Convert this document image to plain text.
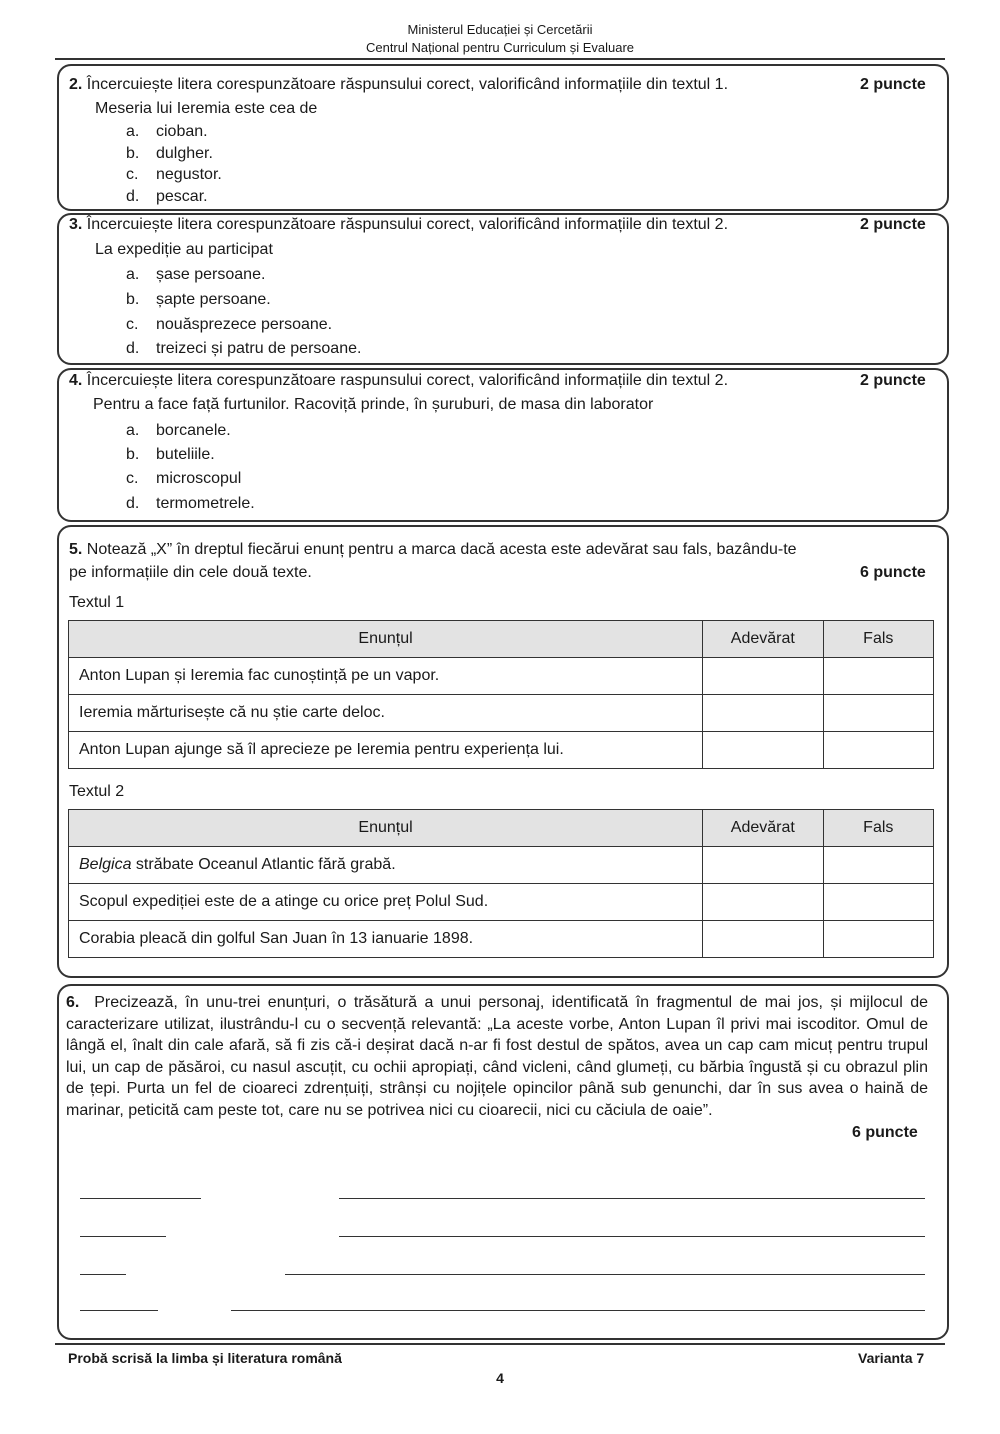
Ministerul Educației și Cercetării
Centrul Național pentru Curriculum și Evaluare
2. Încercuiește litera corespunzătoare răspunsului corect, valorificând informațiile din textul 1.	2 puncte
Meseria lui Ieremia este cea de
a. cioban.
b. dulgher.
c. negustor.
d. pescar.
3. Încercuiește litera corespunzătoare răspunsului corect, valorificând informațiile din textul 2.	2 puncte
La expediție au participat
a. șase persoane.
b. șapte persoane.
c. nouăsprezece persoane.
d. treizeci și patru de persoane.
4. Încercuiește litera corespunzătoare raspunsului corect, valorificând informațiile din textul 2.	2 puncte
Pentru a face față furtunilor. Racoviță prinde, în șuruburi, de masa din laborator
a. borcanele.
b. buteliile.
c. microscopul
d. termometrele.
5. Notează „X” în dreptul fiecărui enunț pentru a marca dacă acesta este adevărat sau fals, bazându-te
pe informațiile din cele două texte.	6 puncte
Textul 1
Enunțul	Adevărat	Fals
Anton Lupan și Ieremia fac cunoștință pe un vapor.		
Ieremia mărturisește că nu știe carte deloc.		
Anton Lupan ajunge să îl aprecieze pe Ieremia pentru experiența lui.		
Textul 2
Enunțul	Adevărat	Fals
Belgica străbate Oceanul Atlantic fără grabă.		
Scopul expediției este de a atinge cu orice preț Polul Sud.		
Corabia pleacă din golful San Juan în 13 ianuarie 1898.		
6. Precizează, în unu-trei enunțuri, o trăsătură a unui personaj, identificată în fragmentul de mai jos, și mijlocul de caracterizare utilizat, ilustrându-l cu o secvență relevantă: „La aceste vorbe, Anton Lupan îl privi mai iscoditor. Omul de lângă el, înalt din cale afară, să fi zis că-i deșirat dacă n-ar fi fost destul de spătos, avea un cap cam micuț pentru trupul lui, un cap de păsăroi, cu nasul ascuțit, cu ochii apropiați, când vicleni, când glumeți, cu bărbia îngustă și cu obrazul plin de țepi. Purta un fel de cioareci zdrențuiți, strânși cu nojițele opincilor până sub genunchi, dar în sus avea o haină de marinar, peticită cam peste tot, care nu se potrivea nici cu cioarecii, nici cu căciula de oaie”.
6 puncte
Probă scrisă la limba și literatura română	Varianta 7
4
